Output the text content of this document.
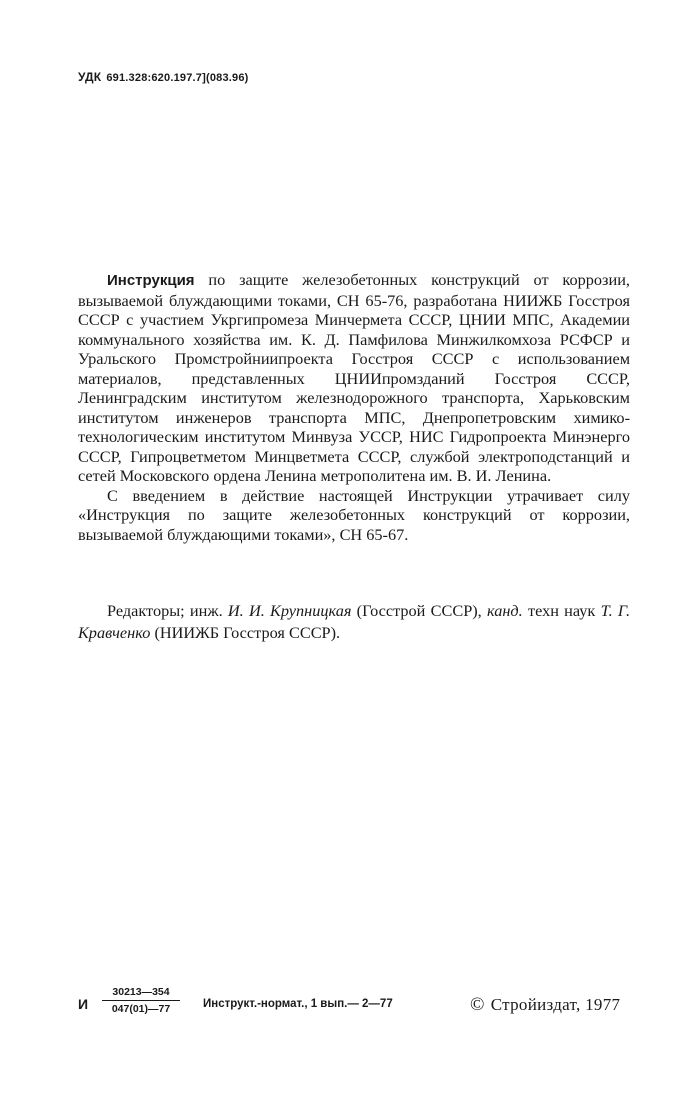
УДК 691.328:620.197.7](083.96)

Инструкция по защите железобетонных конструкций от коррозии, вызываемой блуждающими токами, СН 65-76, разработана НИИЖБ Госстроя СССР с участием Укргипромеза Минчермета СССР, ЦНИИ МПС, Академии коммунального хозяйства им. К. Д. Памфилова Минжилкомхоза РСФСР и Уральского Промстройниипроекта Госстроя СССР с использованием материалов, представленных ЦНИИпромзданий Госстроя СССР, Ленинградским институтом железнодорожного транспорта, Харьковским институтом инженеров транспорта МПС, Днепропетровским химико-технологическим институтом Минвуза УССР, НИС Гидропроекта Минэнерго СССР, Гипроцветметом Минцветмета СССР, службой электроподстанций и сетей Московского ордена Ленина метрополитена им. В. И. Ленина.

С введением в действие настоящей Инструкции утрачивает силу «Инструкция по защите железобетонных конструкций от коррозии, вызываемой блуждающими токами», СН 65-67.

Редакторы; инж. И. И. Крупницкая (Госстрой СССР), канд. техн наук Т. Г. Кравченко (НИИЖБ Госстроя СССР).

И $\frac{30213—354}{047(01)—77}$ Инструкт.-нормат., 1 вып.— 2—77	© Стройиздат, 1977
